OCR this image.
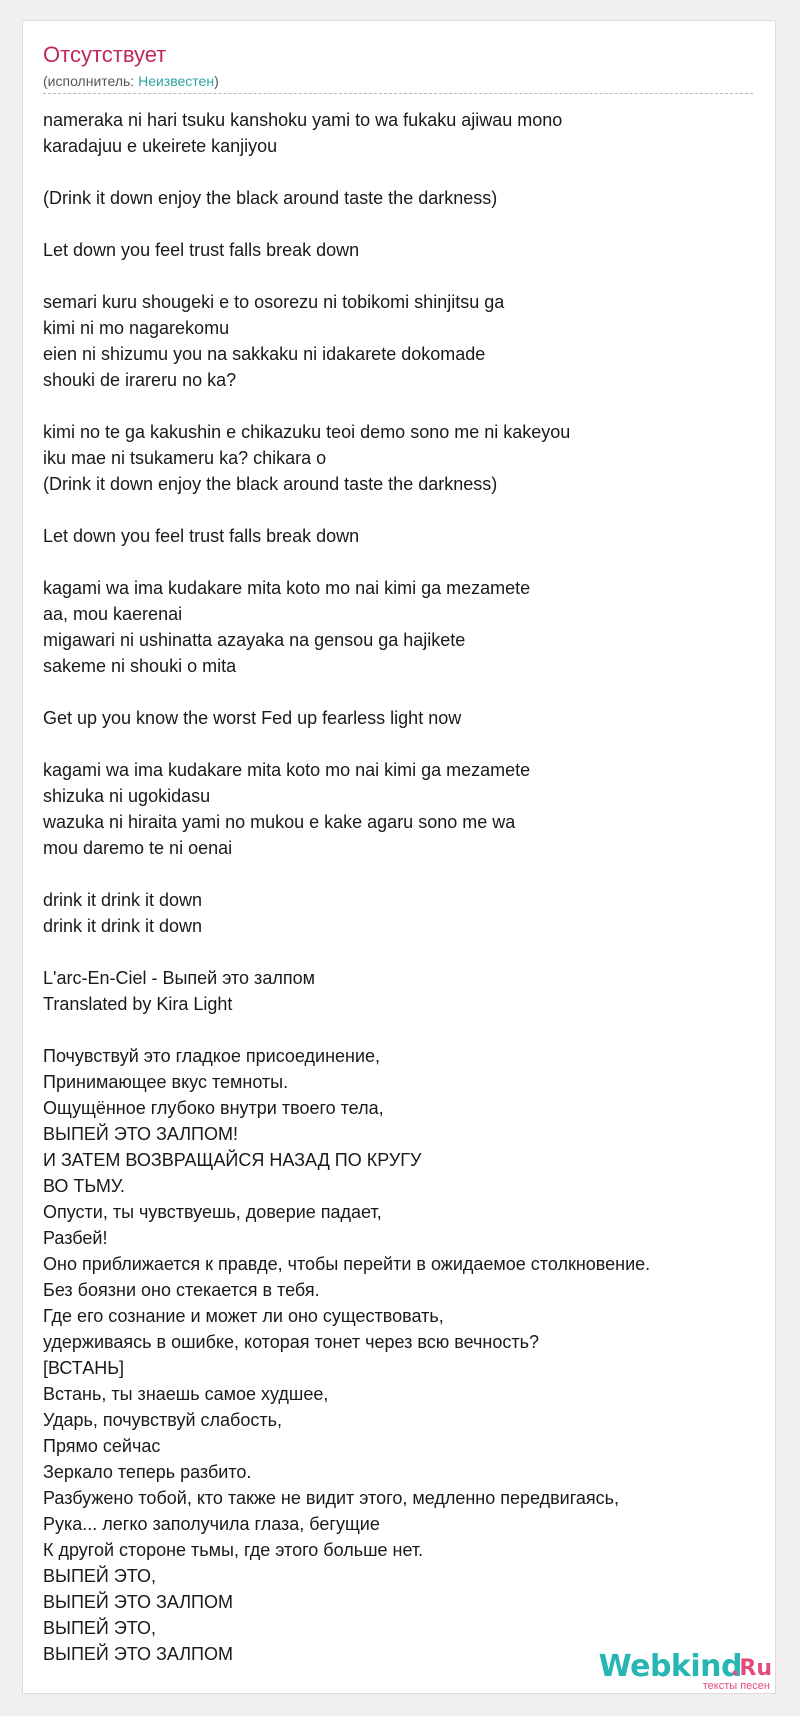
Отсутствует
(исполнитель: Неизвестен)
nameraka ni hari tsuku kanshoku yami to wa fukaku ajiwau mono
karadajuu e ukeirete kanjiyou
(Drink it down enjoy the black around taste the darkness)
Let down you feel trust falls break down
semari kuru shougeki e to osorezu ni tobikomi shinjitsu ga
kimi ni mo nagarekomu
eien ni shizumu you na sakkaku ni idakarete dokomade
shouki de irareru no ka?
kimi no te ga kakushin e chikazuku teoi demo sono me ni kakeyou
iku mae ni tsukameru ka? chikara o
(Drink it down enjoy the black around taste the darkness)
Let down you feel trust falls break down
kagami wa ima kudakare mita koto mo nai kimi ga mezamete
aa, mou kaerenai
migawari ni ushinatta azayaka na gensou ga hajikete
sakeme ni shouki o mita
Get up you know the worst Fed up fearless light now
kagami wa ima kudakare mita koto mo nai kimi ga mezamete
shizuka ni ugokidasu
wazuka ni hiraita yami no mukou e kake agaru sono me wa
mou daremo te ni oenai
drink it drink it down
drink it drink it down
L'arc-En-Ciel - Выпей это залпом
Translated by Kira Light
Почувствуй это гладкое присоединение,
Принимающее вкус темноты.
Ощущённое глубоко внутри твоего тела,
ВЫПЕЙ ЭТО ЗАЛПОМ!
И ЗАТЕМ ВОЗВРАЩАЙСЯ НАЗАД ПО КРУГУ
ВО ТЬМУ.
Опусти, ты чувствуешь, доверие падает,
Разбей!
Оно приближается к правде, чтобы перейти в ожидаемое столкновение.
Без боязни оно стекается в тебя.
Где его сознание и может ли оно существовать,
удерживаясь в ошибке, которая тонет через всю вечность?
[ВСТАНЬ]
Встань, ты знаешь самое худшее,
Ударь, почувствуй слабость,
Прямо сейчас
Зеркало теперь разбито.
Разбужено тобой, кто также не видит этого, медленно передвигаясь,
Рука... легко заполучила глаза, бегущие
К другой стороне тьмы, где этого больше нет.
ВЫПЕЙ ЭТО,
ВЫПЕЙ ЭТО ЗАЛПОМ
ВЫПЕЙ ЭТО,
ВЫПЕЙ ЭТО ЗАЛПОМ	Webkind
.Ru
тексты песен
